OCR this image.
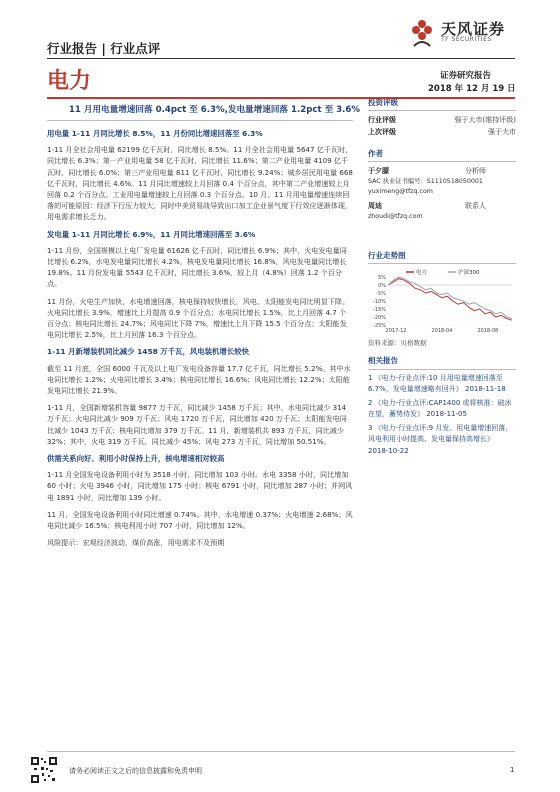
行业报告 | 行业点评
天风证券
TF SECURITIES
电力	证券研究报告
2018 年 12 月 19 日
11 月用电量增速回落 0.4pct 至 6.3%,发电量增速回落 1.2pct 至 3.6%
用电量 1-11 月同比增长 8.5%，11 月份同比增速回落至 6.3%

1-11 月全社会用电量 62199 亿千瓦时，同比增长 8.5%。11 月全社会用电量 5647 亿千瓦时，同比增长 6.3%；第一产业用电量 58 亿千瓦时，同比增长 11.6%；第二产业用电量 4109 亿千瓦时，同比增长 6.0%；第三产业用电量 811 亿千瓦时，同比增长 9.24%；城乡居民用电量 668 亿千瓦时，同比增长 4.6%。11 月同比增速较上月回落 0.4 个百分点，其中第二产业增速较上月回落 0.2 个百分点、工业用电量增速较上月回落 0.3 个百分点。10 月、11 月用电量增速连续回落的可能原因：经济下行压力较大，同时中美贸易战导致出口加工企业景气度下行效应逐渐体现，用电需求增长乏力。

发电量 1-11 月同比增长 6.9%，11 月同比增速回落至 3.6%

1-11 月份，全国规模以上电厂发电量 61626 亿千瓦时，同比增长 6.9%；其中，火电发电量同比增长 6.2%，水电发电量同比增长 4.2%，核电发电量同比增长 16.8%，风电发电量同比增长 19.8%。11 月份发电量 5543 亿千瓦时，同比增长 3.6%，较上月（4.8%）回落 1.2 个百分点。

11 月份，火电生产加快，水电增速回落，核电保持较快增长，风电、太阳能发电同比明显下降。火电同比增长 3.9%，增速比上月提高 0.9 个百分点；水电同比增长 1.5%，比上月回落 4.7 个百分点；核电同比增长 24.7%；风电同比下降 7%，增速比上月下降 15.5 个百分点；太阳能发电同比增长 2.5%，比上月回落 16.3 个百分点。

1-11 月新增装机同比减少 1458 万千瓦，风电装机增长较快

截至 11 月底，全国 6000 千瓦及以上电厂发电设备容量 17.7 亿千瓦，同比增长 5.2%。其中水电同比增长 1.2%；火电同比增长 3.4%；核电同比增长 16.6%；风电同比增长 12.2%；太阳能发电同比增长 21.9%。

1-11 月，全国新增装机容量 9877 万千瓦，同比减少 1458 万千瓦；其中，水电同比减少 314 万千瓦；火电同比减少 909 万千瓦；风电 1720 万千瓦，同比增加 420 万千瓦；太阳能发电同比减少 1043 万千瓦；核电同比增加 379 万千瓦。11 月，新增装机共 893 万千瓦，同比减少 32%；其中，火电 319 万千瓦，同比减少 45%；风电 273 万千瓦，同比增加 50.51%。

供需关系向好、利用小时保持上升，核电增速相对较高

1-11 月全国发电设备利用小时为 3518 小时，同比增加 103 小时。水电 3358 小时，同比增加 60 小时；火电 3946 小时，同比增加 175 小时；核电 6791 小时，同比增加 287 小时；并网风电 1891 小时，同比增加 139 小时。

11 月，全国发电设备利用小时同比增速 0.74%。其中，水电增速 0.37%；火电增速 2.68%；风电同比减少 16.5%；核电利用小时 707 小时，同比增加 12%。

风险提示：宏观经济波动，煤价高涨，用电需求不及预期

投资评级
行业评级	强于大市(维持评级)
上次评级	强于大市
作者
于夕朦	分析师
SAC 执业证书编号：S1110518050001
yuximeng@tfzq.com
周迪	联系人
zhoudi@tfzq.com
行业走势图
电力	沪深300
5%
0%
-5%
-10%
-15%
-20%
-25%
2017-12	2018-04	2018-08
资料来源：贝格数据
相关报告
1 《电力-行业点评:10 月用电量增速回落至 6.7%，发电量增速略有回升》 2018-11-18
2 《电力-行业点评:CAP1400 或将核准：破冰在望，蓄势待发》 2018-11-05
3 《电力-行业点评:9 月发、用电量增速回落，风电利用小时提高、发电量保持高增长》 2018-10-22
请务必阅读正文之后的信息披露和免责申明	1
